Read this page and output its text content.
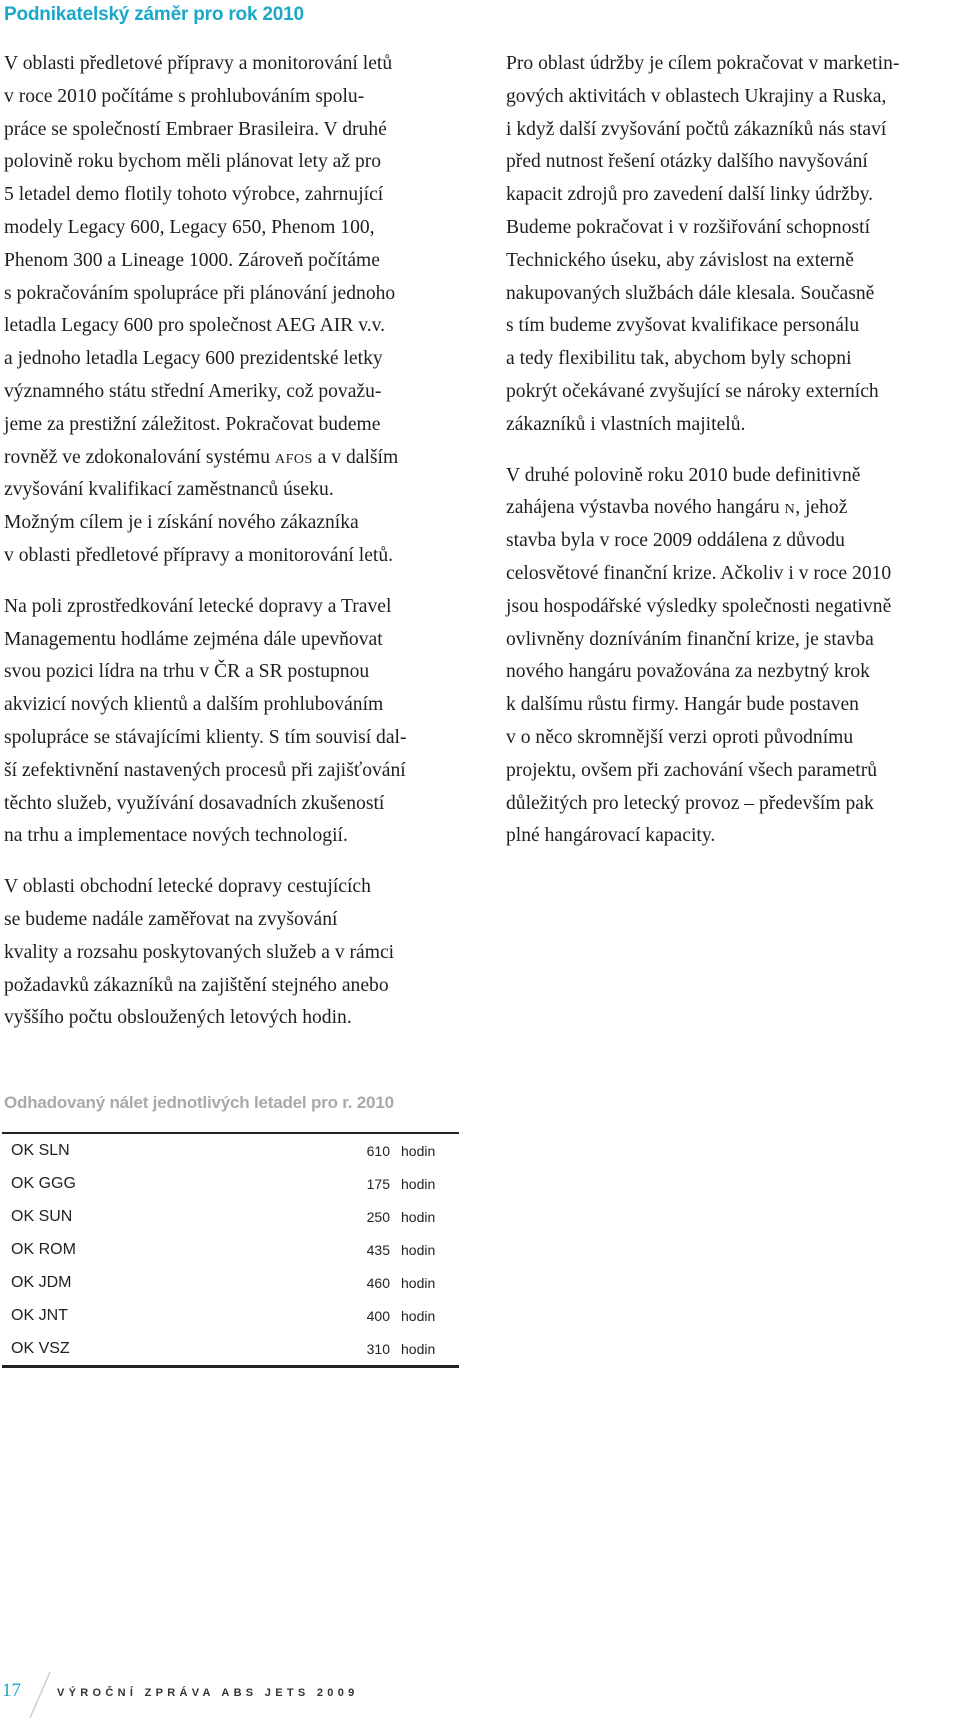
Podnikatelský záměr pro rok 2010

V oblasti předletové přípravy a monitorování letů
v roce 2010 počítáme s prohlubováním spolu-
práce se společností Embraer Brasileira. V druhé
polovině roku bychom měli plánovat lety až pro
5 letadel demo flotily tohoto výrobce, zahrnující
modely Legacy 600, Legacy 650, Phenom 100,
Phenom 300 a Lineage 1000. Zároveň počítáme
s pokračováním spolupráce při plánování jednoho
letadla Legacy 600 pro společnost AEG AIR v.v.
a jednoho letadla Legacy 600 prezidentské letky
významného státu střední Ameriky, což považu-
jeme za prestižní záležitost. Pokračovat budeme
rovněž ve zdokonalování systému afos a v dalším
zvyšování kvalifikací zaměstnanců úseku.
Možným cílem je i získání nového zákazníka
v oblasti předletové přípravy a monitorování letů.

Na poli zprostředkování letecké dopravy a Travel
Managementu hodláme zejména dále upevňovat
svou pozici lídra na trhu v ČR a SR postupnou
akvizicí nových klientů a dalším prohlubováním
spolupráce se stávajícími klienty. S tím souvisí dal-
ší zefektivnění nastavených procesů při zajišťování
těchto služeb, využívání dosavadních zkušeností
na trhu a implementace nových technologií.

V oblasti obchodní letecké dopravy cestujících
se budeme nadále zaměřovat na zvyšování
kvality a rozsahu poskytovaných služeb a v rámci
požadavků zákazníků na zajištění stejného anebo
vyššího počtu obsloužených letových hodin.

Pro oblast údržby je cílem pokračovat v marketin-
gových aktivitách v oblastech Ukrajiny a Ruska,
i když další zvyšování počtů zákazníků nás staví
před nutnost řešení otázky dalšího navyšování
kapacit zdrojů pro zavedení další linky údržby.
Budeme pokračovat i v rozšiřování schopností
Technického úseku, aby závislost na externě
nakupovaných službách dále klesala. Současně
s tím budeme zvyšovat kvalifikace personálu
a tedy flexibilitu tak, abychom byly schopni
pokrýt očekávané zvyšující se nároky externích
zákazníků i vlastních majitelů.

V druhé polovině roku 2010 bude definitivně
zahájena výstavba nového hangáru n, jehož
stavba byla v roce 2009 oddálena z důvodu
celosvětové finanční krize. Ačkoliv i v roce 2010
jsou hospodářské výsledky společnosti negativně
ovlivněny dozníváním finanční krize, je stavba
nového hangáru považována za nezbytný krok
k dalšímu růstu firmy. Hangár bude postaven
v o něco skromnější verzi oproti původnímu
projektu, ovšem při zachování všech parametrů
důležitých pro letecký provoz – především pak
plné hangárovací kapacity.

Odhadovaný nálet jednotlivých letadel pro r. 2010
OK SLN	610	hodin
OK GGG	175	hodin
OK SUN	250	hodin
OK ROM	435	hodin
OK JDM	460	hodin
OK JNT	400	hodin
OK VSZ	310	hodin
17	VÝROČNÍ ZPRÁVA ABS JETS 2009
